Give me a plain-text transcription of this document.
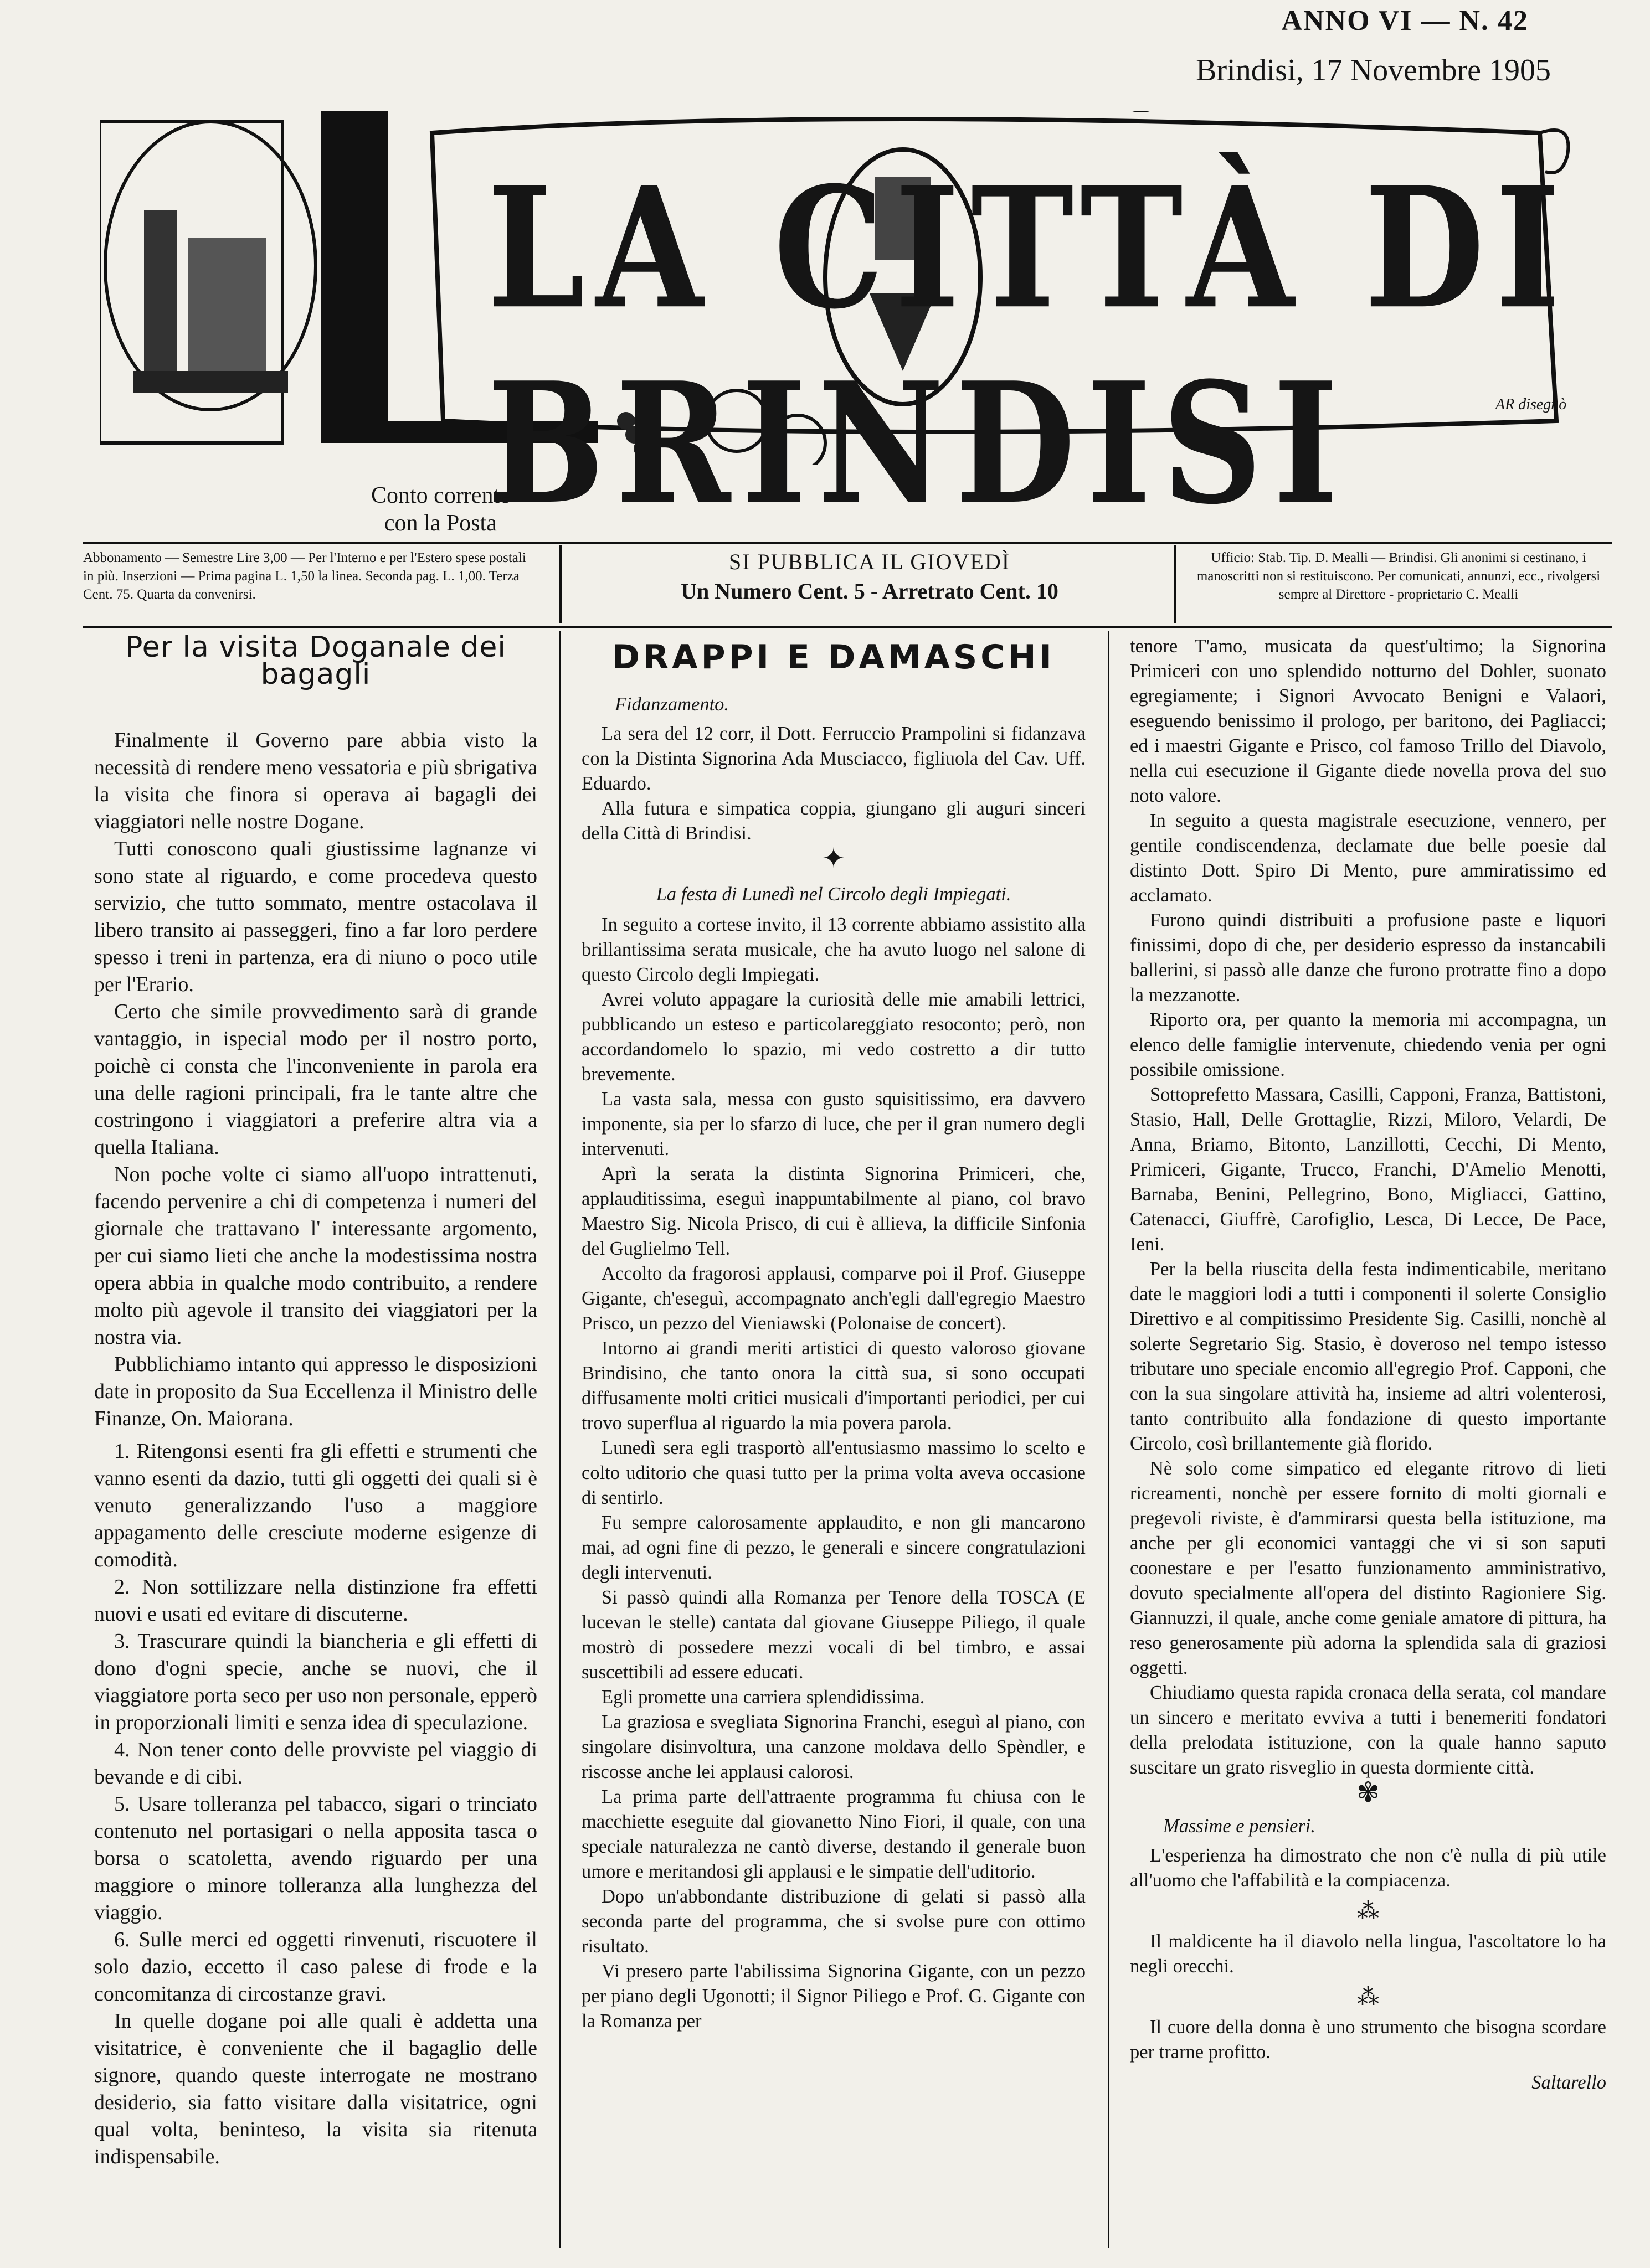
ANNO VI — N. 42
Brindisi, 17 Novembre 1905
LA CITTÀ DI BRINDISI	AR disegnò
Conto corrente
con la Posta
Abbonamento — Semestre Lire 3,00 — Per l'Interno e per l'Estero spese postali in più. Inserzioni — Prima pagina L. 1,50 la linea. Seconda pag. L. 1,00. Terza Cent. 75. Quarta da convenirsi.
SI PUBBLICA IL GIOVEDÌ
Un Numero Cent. 5 - Arretrato Cent. 10
Ufficio: Stab. Tip. D. Mealli — Brindisi. Gli anonimi si cestinano, i manoscritti non si restituiscono. Per comunicati, annunzi, ecc., rivolgersi sempre al Direttore - proprietario C. Mealli
Per la visita Doganale dei bagagli

Finalmente il Governo pare abbia visto la necessità di rendere meno vessatoria e più sbrigativa la visita che finora si operava ai bagagli dei viaggiatori nelle nostre Dogane.

Tutti conoscono quali giustissime lagnanze vi sono state al riguardo, e come procedeva questo servizio, che tutto sommato, mentre ostacolava il libero transito ai passeggeri, fino a far loro perdere spesso i treni in partenza, era di niuno o poco utile per l'Erario.

Certo che simile provvedimento sarà di grande vantaggio, in ispecial modo per il nostro porto, poichè ci consta che l'inconveniente in parola era una delle ragioni principali, fra le tante altre che costringono i viaggiatori a preferire altra via a quella Italiana.

Non poche volte ci siamo all'uopo intrattenuti, facendo pervenire a chi di competenza i numeri del giornale che trattavano l' interessante argomento, per cui siamo lieti che anche la modestissima nostra opera abbia in qualche modo contribuito, a rendere molto più agevole il transito dei viaggiatori per la nostra via.

Pubblichiamo intanto qui appresso le disposizioni date in proposito da Sua Eccellenza il Ministro delle Finanze, On. Maiorana.

1. Ritengonsi esenti fra gli effetti e strumenti che vanno esenti da dazio, tutti gli oggetti dei quali si è venuto generalizzando l'uso a maggiore appagamento delle cresciute moderne esigenze di comodità.

2. Non sottilizzare nella distinzione fra effetti nuovi e usati ed evitare di discuterne.

3. Trascurare quindi la biancheria e gli effetti di dono d'ogni specie, anche se nuovi, che il viaggiatore porta seco per uso non personale, epperò in proporzionali limiti e senza idea di speculazione.

4. Non tener conto delle provviste pel viaggio di bevande e di cibi.

5. Usare tolleranza pel tabacco, sigari o trinciato contenuto nel portasigari o nella apposita tasca o borsa o scatoletta, avendo riguardo per una maggiore o minore tolleranza alla lunghezza del viaggio.

6. Sulle merci ed oggetti rinvenuti, riscuotere il solo dazio, eccetto il caso palese di frode e la concomitanza di circostanze gravi.

In quelle dogane poi alle quali è addetta una visitatrice, è conveniente che il bagaglio delle signore, quando queste interrogate ne mostrano desiderio, sia fatto visitare dalla visitatrice, ogni qual volta, beninteso, la visita sia ritenuta indispensabile.

DRAPPI E DAMASCHI

Fidanzamento.

La sera del 12 corr, il Dott. Ferruccio Prampolini si fidanzava con la Distinta Signorina Ada Musciacco, figliuola del Cav. Uff. Eduardo.

Alla futura e simpatica coppia, giungano gli auguri sinceri della Città di Brindisi.

✦

La festa di Lunedì nel Circolo degli Impiegati.

In seguito a cortese invito, il 13 corrente abbiamo assistito alla brillantissima serata musicale, che ha avuto luogo nel salone di questo Circolo degli Impiegati.

Avrei voluto appagare la curiosità delle mie amabili lettrici, pubblicando un esteso e particolareggiato resoconto; però, non accordandomelo lo spazio, mi vedo costretto a dir tutto brevemente.

La vasta sala, messa con gusto squisitissimo, era davvero imponente, sia per lo sfarzo di luce, che per il gran numero degli intervenuti.

Aprì la serata la distinta Signorina Primiceri, che, applauditissima, eseguì inappuntabilmente al piano, col bravo Maestro Sig. Nicola Prisco, di cui è allieva, la difficile Sinfonia del Guglielmo Tell.

Accolto da fragorosi applausi, comparve poi il Prof. Giuseppe Gigante, ch'eseguì, accompagnato anch'egli dall'egregio Maestro Prisco, un pezzo del Vieniawski (Polonaise de concert).

Intorno ai grandi meriti artistici di questo valoroso giovane Brindisino, che tanto onora la città sua, si sono occupati diffusamente molti critici musicali d'importanti periodici, per cui trovo superflua al riguardo la mia povera parola.

Lunedì sera egli trasportò all'entusiasmo massimo lo scelto e colto uditorio che quasi tutto per la prima volta aveva occasione di sentirlo.

Fu sempre calorosamente applaudito, e non gli mancarono mai, ad ogni fine di pezzo, le generali e sincere congratulazioni degli intervenuti.

Si passò quindi alla Romanza per Tenore della TOSCA (E lucevan le stelle) cantata dal giovane Giuseppe Piliego, il quale mostrò di possedere mezzi vocali di bel timbro, e assai suscettibili ad essere educati.

Egli promette una carriera splendidissima.

La graziosa e svegliata Signorina Franchi, eseguì al piano, con singolare disinvoltura, una canzone moldava dello Spèndler, e riscosse anche lei applausi calorosi.

La prima parte dell'attraente programma fu chiusa con le macchiette eseguite dal giovanetto Nino Fiori, il quale, con una speciale naturalezza ne cantò diverse, destando il generale buon umore e meritandosi gli applausi e le simpatie dell'uditorio.

Dopo un'abbondante distribuzione di gelati si passò alla seconda parte del programma, che si svolse pure con ottimo risultato.

Vi presero parte l'abilissima Signorina Gigante, con un pezzo per piano degli Ugonotti; il Signor Piliego e Prof. G. Gigante con la Romanza per

tenore T'amo, musicata da quest'ultimo; la Signorina Primiceri con uno splendido notturno del Dohler, suonato egregiamente; i Signori Avvocato Benigni e Valaori, eseguendo benissimo il prologo, per baritono, dei Pagliacci; ed i maestri Gigante e Prisco, col famoso Trillo del Diavolo, nella cui esecuzione il Gigante diede novella prova del suo noto valore.

In seguito a questa magistrale esecuzione, vennero, per gentile condiscendenza, declamate due belle poesie dal distinto Dott. Spiro Di Mento, pure ammiratissimo ed acclamato.

Furono quindi distribuiti a profusione paste e liquori finissimi, dopo di che, per desiderio espresso da instancabili ballerini, si passò alle danze che furono protratte fino a dopo la mezzanotte.

Riporto ora, per quanto la memoria mi accompagna, un elenco delle famiglie intervenute, chiedendo venia per ogni possibile omissione.

Sottoprefetto Massara, Casilli, Capponi, Franza, Battistoni, Stasio, Hall, Delle Grottaglie, Rizzi, Miloro, Velardi, De Anna, Briamo, Bitonto, Lanzillotti, Cecchi, Di Mento, Primiceri, Gigante, Trucco, Franchi, D'Amelio Menotti, Barnaba, Benini, Pellegrino, Bono, Migliacci, Gattino, Catenacci, Giuffrè, Carofiglio, Lesca, Di Lecce, De Pace, Ieni.

Per la bella riuscita della festa indimenticabile, meritano date le maggiori lodi a tutti i componenti il solerte Consiglio Direttivo e al compitissimo Presidente Sig. Casilli, nonchè al solerte Segretario Sig. Stasio, è doveroso nel tempo istesso tributare uno speciale encomio all'egregio Prof. Capponi, che con la sua singolare attività ha, insieme ad altri volenterosi, tanto contribuito alla fondazione di questo importante Circolo, così brillantemente già florido.

Nè solo come simpatico ed elegante ritrovo di lieti ricreamenti, nonchè per essere fornito di molti giornali e pregevoli riviste, è d'ammirarsi questa bella istituzione, ma anche per gli economici vantaggi che vi si son saputi coonestare e per l'esatto funzionamento amministrativo, dovuto specialmente all'opera del distinto Ragioniere Sig. Giannuzzi, il quale, anche come geniale amatore di pittura, ha reso generosamente più adorna la splendida sala di graziosi oggetti.

Chiudiamo questa rapida cronaca della serata, col mandare un sincero e meritato evviva a tutti i benemeriti fondatori della prelodata istituzione, con la quale hanno saputo suscitare un grato risveglio in questa dormiente città.

✾

Massime e pensieri.

L'esperienza ha dimostrato che non c'è nulla di più utile all'uomo che l'affabilità e la compiacenza.

⁂

Il maldicente ha il diavolo nella lingua, l'ascoltatore lo ha negli orecchi.

⁂

Il cuore della donna è uno strumento che bisogna scordare per trarne profitto.

Saltarello
